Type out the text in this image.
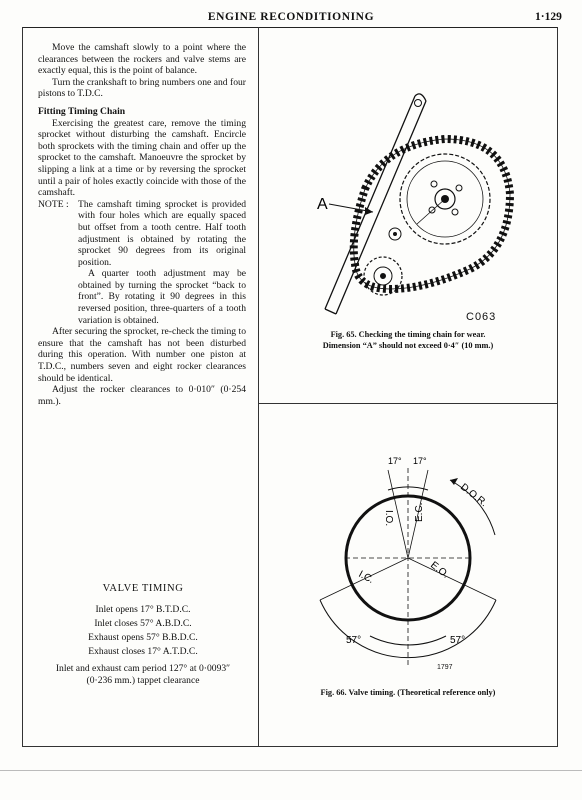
ENGINE RECONDITIONING	1·129

Move the camshaft slowly to a point where the clearances between the rockers and valve stems are exactly equal, this is the point of balance.

Turn the crankshaft to bring numbers one and four pistons to T.D.C.

Fitting Timing Chain

Exercising the greatest care, remove the timing sprocket without disturbing the camshaft. Encircle both sprockets with the timing chain and offer up the sprocket to the camshaft. Manoeuvre the sprocket by slipping a link at a time or by reversing the sprocket until a pair of holes exactly coincide with those of the camshaft.

NOTE : The camshaft timing sprocket is provided with four holes which are equally spaced but offset from a tooth centre. Half tooth adjustment is obtained by rotating the sprocket 90 degrees from its original position.

A quarter tooth adjustment may be obtained by turning the sprocket “back to front”. By rotating it 90 degrees in this reversed position, three-quarters of a tooth variation is obtained.

After securing the sprocket, re-check the timing to ensure that the camshaft has not been disturbed during this operation. With number one piston at T.D.C., numbers seven and eight rocker clearances should be identical.

Adjust the rocker clearances to 0·010″ (0·254 mm.).

VALVE TIMING
Inlet opens 17° B.T.D.C.
Inlet closes 57° A.B.D.C.
Exhaust opens 57° B.B.D.C.
Exhaust closes 17° A.T.D.C.
Inlet and exhaust cam period 127° at 0·0093″
(0·236 mm.) tappet clearance
A
C063
Fig. 65. Checking the timing chain for wear.
Dimension “A” should not exceed 0·4″ (10 mm.)
17° 17°
D.O.R.
I.O. E.C.
I.C.	E.O.
57°	57°
1797
Fig. 66. Valve timing. (Theoretical reference only)
